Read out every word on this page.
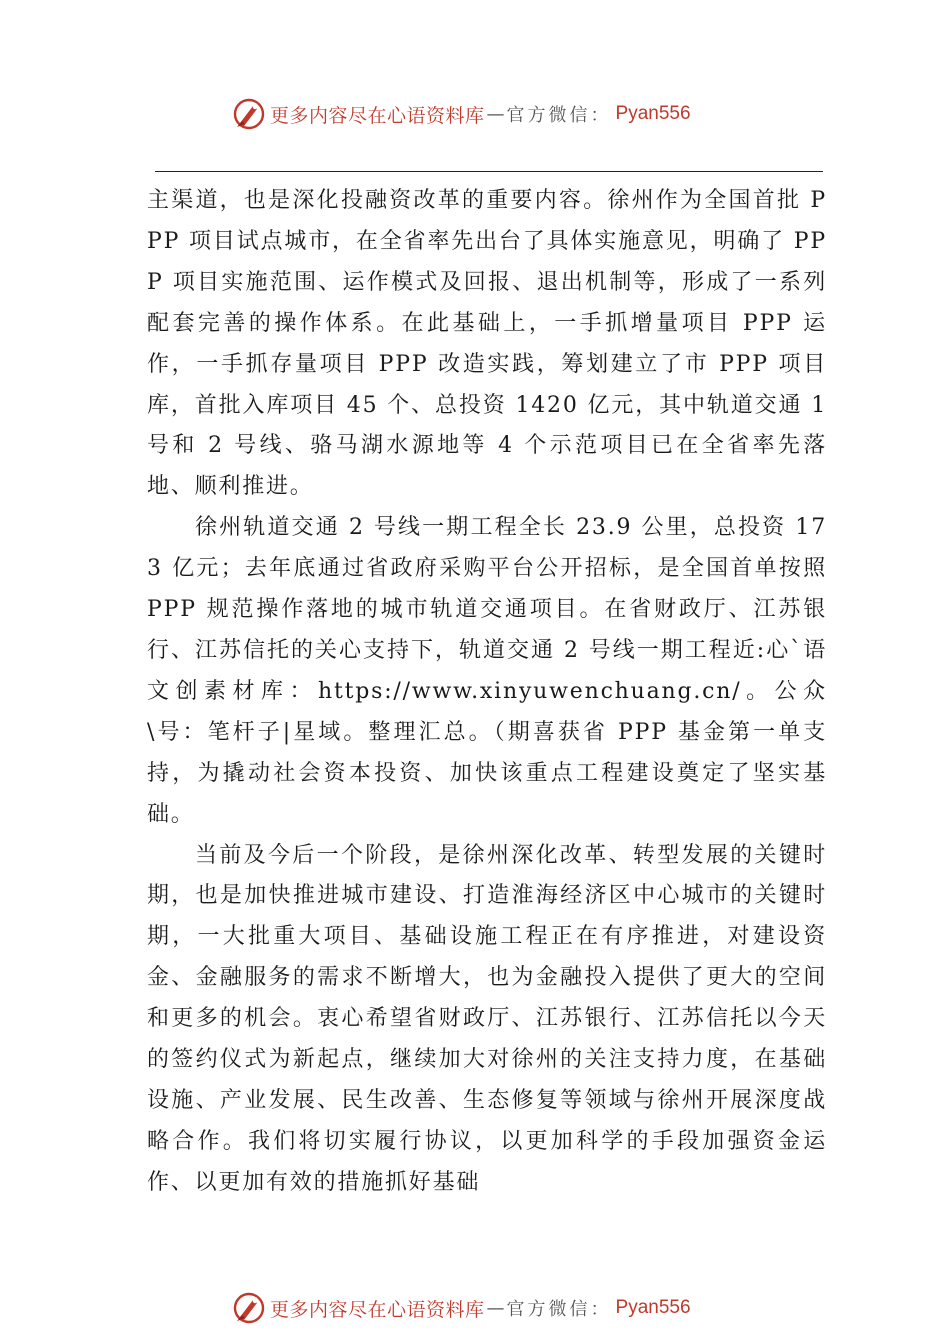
更多内容尽在心语资料库 — 官方微信： Pyan556

主渠道，也是深化投融资改革的重要内容。徐州作为全国首批 PPP 项目试点城市，在全省率先出台了具体实施意见，明确了 PPP 项目实施范围、运作模式及回报、退出机制等，形成了一系列配套完善的操作体系。在此基础上，一手抓增量项目 PPP 运作，一手抓存量项目 PPP 改造实践，筹划建立了市 PPP 项目库，首批入库项目 45 个、总投资 1420 亿元，其中轨道交通 1 号和 2 号线、骆马湖水源地等 4 个示范项目已在全省率先落地、顺利推进。

徐州轨道交通 2 号线一期工程全长 23.9 公里，总投资 173 亿元；去年底通过省政府采购平台公开招标，是全国首单按照PPP 规范操作落地的城市轨道交通项目。在省财政厅、江苏银行、江苏信托的关心支持下，轨道交通 2 号线一期工程近:心`语文创素材库：https://www.xinyuwenchuang.cn/。公众\号：笔杆子|星域。整理汇总。（期喜获省 PPP 基金第一单支持，为撬动社会资本投资、加快该重点工程建设奠定了坚实基础。

当前及今后一个阶段，是徐州深化改革、转型发展的关键时期，也是加快推进城市建设、打造淮海经济区中心城市的关键时期，一大批重大项目、基础设施工程正在有序推进，对建设资金、金融服务的需求不断增大，也为金融投入提供了更大的空间和更多的机会。衷心希望省财政厅、江苏银行、江苏信托以今天的签约仪式为新起点，继续加大对徐州的关注支持力度，在基础设施、产业发展、民生改善、生态修复等领域与徐州开展深度战略合作。我们将切实履行协议，以更加科学的手段加强资金运作、以更加有效的措施抓好基础

更多内容尽在心语资料库 — 官方微信： Pyan556
